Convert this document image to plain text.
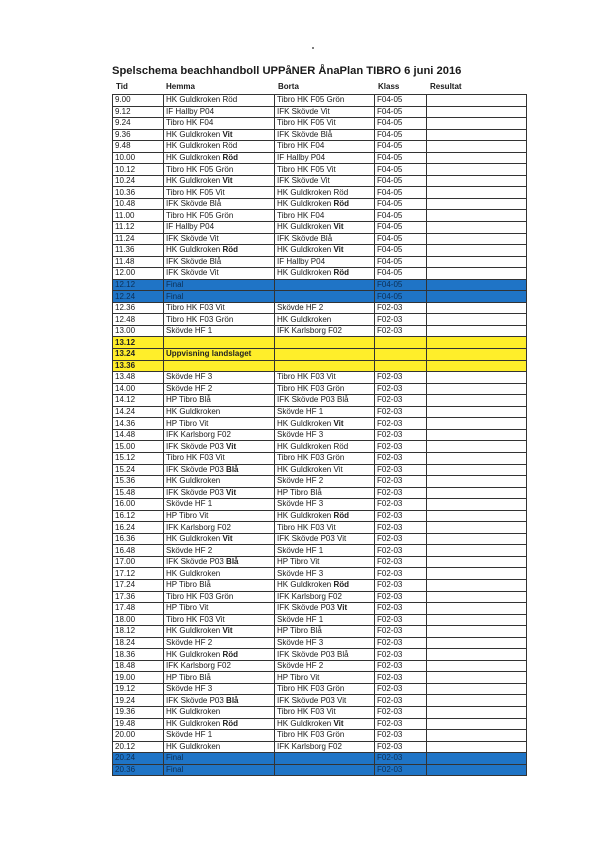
Spelschema beachhandboll UPPåNER ÅnaPlan TIBRO 6 juni 2016
Tid	Hemma	Borta	Klass	Resultat
9.00	HK Guldkroken Röd	Tibro HK F05 Grön	F04-05	
9.12	IF Hallby P04	IFK Skövde Vit	F04-05	
9.24	Tibro HK F04	Tibro HK F05 Vit	F04-05	
9.36	HK Guldkroken Vit	IFK Skövde Blå	F04-05	
9.48	HK Guldkroken Röd	Tibro HK F04	F04-05	
10.00	HK Guldkroken Röd	IF Hallby P04	F04-05	
10.12	Tibro HK F05 Grön	Tibro HK F05 Vit	F04-05	
10.24	HK Guldkroken Vit	IFK Skövde Vit	F04-05	
10.36	Tibro HK F05 Vit	HK Guldkroken Röd	F04-05	
10.48	IFK Skövde Blå	HK Guldkroken Röd	F04-05	
11.00	Tibro HK F05 Grön	Tibro HK F04	F04-05	
11.12	IF Hallby P04	HK Guldkroken Vit	F04-05	
11.24	IFK Skövde Vit	IFK Skövde Blå	F04-05	
11.36	HK Guldkroken Röd	HK Guldkroken Vit	F04-05	
11.48	IFK Skövde Blå	IF Hallby P04	F04-05	
12.00	IFK Skövde Vit	HK Guldkroken Röd	F04-05	
12.12	Final		F04-05	
12.24	Final		F04-05	
12.36	Tibro HK F03 Vit	Skövde HF 2	F02-03	
12.48	Tibro HK F03 Grön	HK Guldkroken	F02-03	
13.00	Skövde HF 1	IFK Karlsborg F02	F02-03	
13.12				
13.24	Uppvisning landslaget			
13.36				
13.48	Skövde HF 3	Tibro HK F03 Vit	F02-03	
14.00	Skövde HF 2	Tibro HK F03 Grön	F02-03	
14.12	HP Tibro Blå	IFK Skövde P03 Blå	F02-03	
14.24	HK Guldkroken	Skövde HF 1	F02-03	
14.36	HP Tibro Vit	HK Guldkroken Vit	F02-03	
14.48	IFK Karlsborg F02	Skövde HF 3	F02-03	
15.00	IFK Skövde P03 Vit	HK Guldkroken Röd	F02-03	
15.12	Tibro HK F03 Vit	Tibro HK F03 Grön	F02-03	
15.24	IFK Skövde P03 Blå	HK Guldkroken Vit	F02-03	
15.36	HK Guldkroken	Skövde HF 2	F02-03	
15.48	IFK Skövde P03 Vit	HP Tibro Blå	F02-03	
16.00	Skövde HF 1	Skövde HF 3	F02-03	
16.12	HP Tibro Vit	HK Guldkroken Röd	F02-03	
16.24	IFK Karlsborg F02	Tibro HK F03 Vit	F02-03	
16.36	HK Guldkroken Vit	IFK Skövde P03 Vit	F02-03	
16.48	Skövde HF 2	Skövde HF 1	F02-03	
17.00	IFK Skövde P03 Blå	HP Tibro Vit	F02-03	
17.12	HK Guldkroken	Skövde HF 3	F02-03	
17.24	HP Tibro Blå	HK Guldkroken Röd	F02-03	
17.36	Tibro HK F03 Grön	IFK Karlsborg F02	F02-03	
17.48	HP Tibro Vit	IFK Skövde P03 Vit	F02-03	
18.00	Tibro HK F03 Vit	Skövde HF 1	F02-03	
18.12	HK Guldkroken Vit	HP Tibro Blå	F02-03	
18.24	Skövde HF 2	Skövde HF 3	F02-03	
18.36	HK Guldkroken Röd	IFK Skövde P03 Blå	F02-03	
18.48	IFK Karlsborg F02	Skövde HF 2	F02-03	
19.00	HP Tibro Blå	HP Tibro Vit	F02-03	
19.12	Skövde HF 3	Tibro HK F03 Grön	F02-03	
19.24	IFK Skövde P03 Blå	IFK Skövde P03 Vit	F02-03	
19.36	HK Guldkroken	Tibro HK F03 Vit	F02-03	
19.48	HK Guldkroken Röd	HK Guldkroken Vit	F02-03	
20.00	Skövde HF 1	Tibro HK F03 Grön	F02-03	
20.12	HK Guldkroken	IFK Karlsborg F02	F02-03	
20.24	Final		F02-03	
20.36	Final		F02-03	
